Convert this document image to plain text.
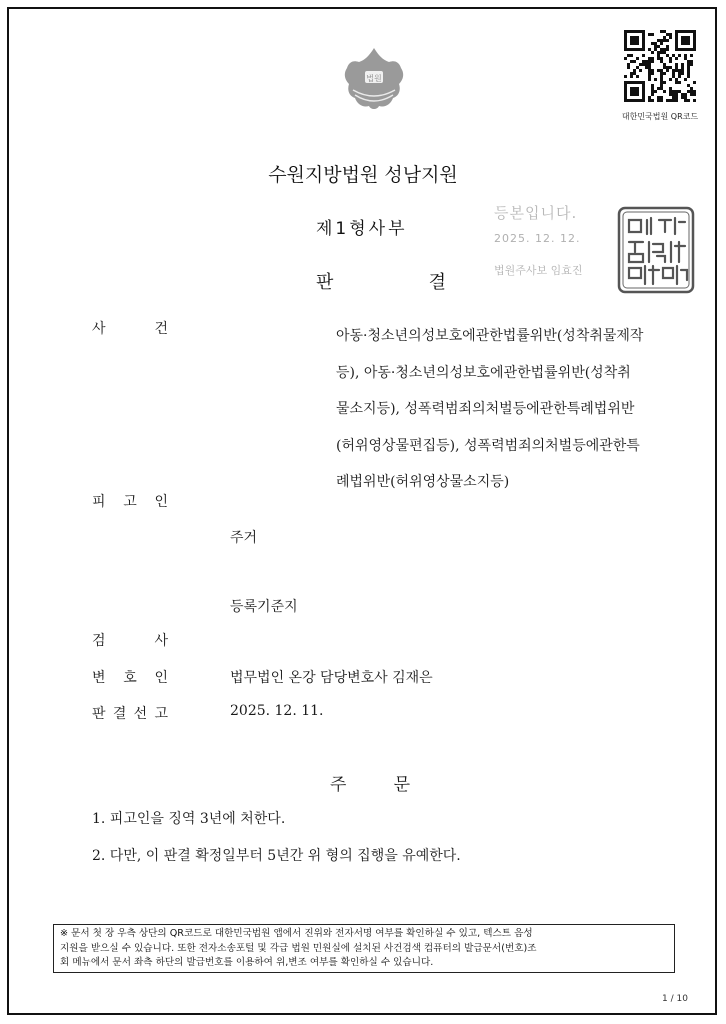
법원
대한민국법원 QR코드
수원지방법원 성남지원
제1형사부
판	결
등본입니다.
2025. 12. 12.
법원주사보 임효진
사	건	아동·청소년의성보호에관한법률위반(성착취물제작
등), 아동·청소년의성보호에관한법률위반(성착취
물소지등), 성폭력범죄의처벌등에관한특례법위반
(허위영상물편집등), 성폭력범죄의처벌등에관한특
례법위반(허위영상물소지등)
피 고 인
주거
등록기준지
검	사
변 호 인	법무법인 온강 담당변호사 김재은
판 결 선 고	2025. 12. 11.
주	문
1. 피고인을 징역 3년에 처한다.
2. 다만, 이 판결 확정일부터 5년간 위 형의 집행을 유예한다.
※ 문서 첫 장 우측 상단의 QR코드로 대한민국법원 앱에서 진위와 전자서명 여부를 확인하실 수 있고, 텍스트 음성
지원을 받으실 수 있습니다. 또한 전자소송포털 및 각급 법원 민원실에 설치된 사건검색 컴퓨터의 발급문서(번호)조
회 메뉴에서 문서 좌측 하단의 발급번호를 이용하여 위,변조 여부를 확인하실 수 있습니다.
1 / 10
